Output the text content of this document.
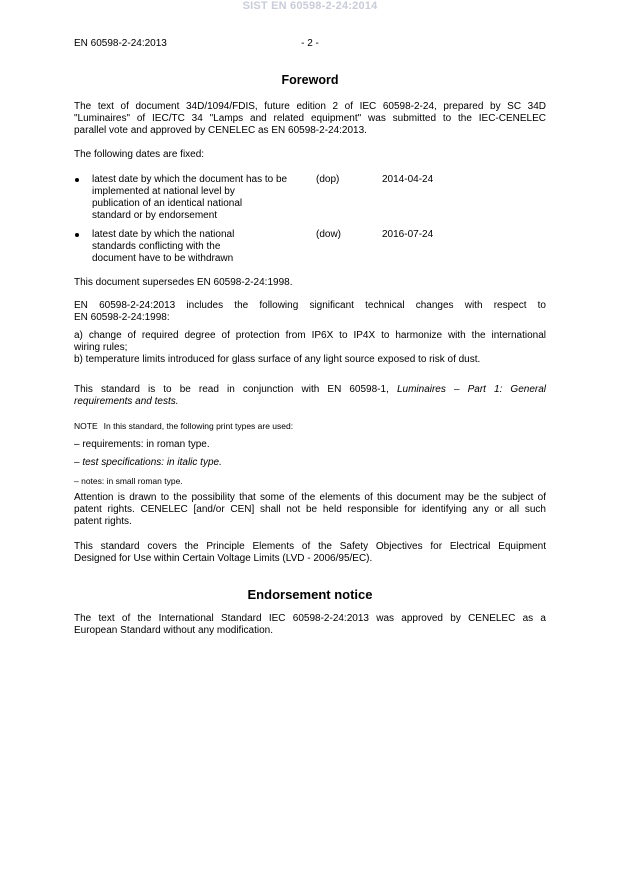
SIST EN 60598-2-24:2014
EN 60598-2-24:2013	- 2 -
Foreword
The text of document 34D/1094/FDIS, future edition 2 of IEC 60598-2-24, prepared by SC 34D
"Luminaires" of IEC/TC 34 "Lamps and related equipment" was submitted to the IEC-CENELEC
parallel vote and approved by CENELEC as EN 60598-2-24:2013.
The following dates are fixed:
latest date by which the document has to be
implemented at national level by
publication of an identical national
standard or by endorsement
(dop)	2014-04-24
latest date by which the national
standards conflicting with the
document have to be withdrawn
(dow)	2016-07-24
This document supersedes EN 60598-2-24:1998.
EN 60598-2-24:2013 includes the following significant technical changes with respect to
EN 60598-2-24:1998:
a) change of required degree of protection from IP6X to IP4X to harmonize with the international
wiring rules;
b) temperature limits introduced for glass surface of any light source exposed to risk of dust.
This standard is to be read in conjunction with EN 60598-1, Luminaires – Part 1: General
requirements and tests.
NOTE In this standard, the following print types are used:
– requirements: in roman type.
– test specifications: in italic type.
– notes: in small roman type.
Attention is drawn to the possibility that some of the elements of this document may be the subject of
patent rights. CENELEC [and/or CEN] shall not be held responsible for identifying any or all such
patent rights.
This standard covers the Principle Elements of the Safety Objectives for Electrical Equipment
Designed for Use within Certain Voltage Limits (LVD - 2006/95/EC).
Endorsement notice
The text of the International Standard IEC 60598-2-24:2013 was approved by CENELEC as a
European Standard without any modification.
